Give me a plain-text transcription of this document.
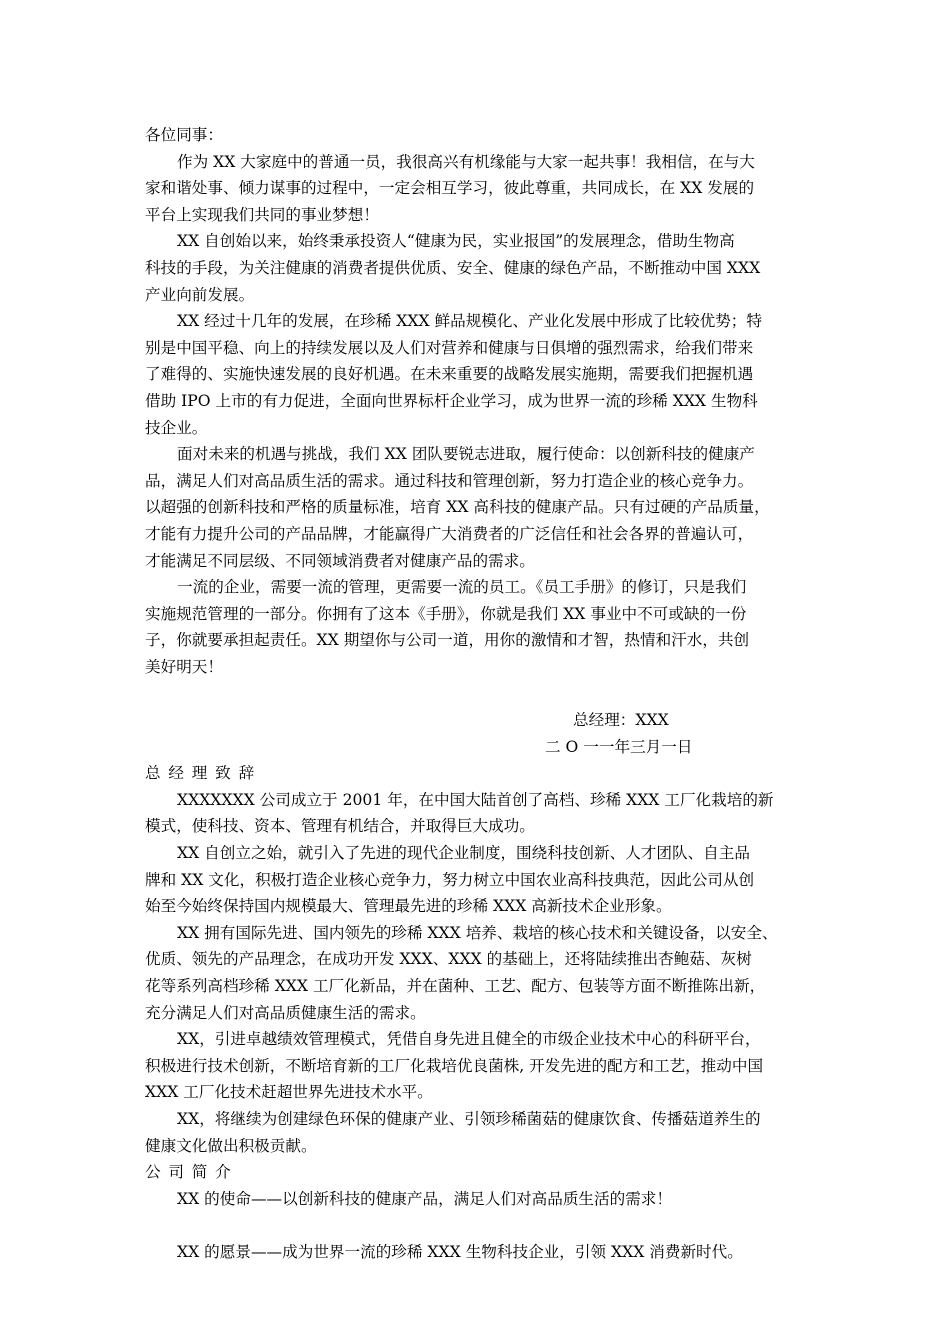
各位同事：
作为 XX 大家庭中的普通一员，我很高兴有机缘能与大家一起共事！我相信，在与大
家和谐处事、倾力谋事的过程中，一定会相互学习，彼此尊重，共同成长，在 XX 发展的
平台上实现我们共同的事业梦想！
XX 自创始以来，始终秉承投资人“健康为民，实业报国”的发展理念，借助生物高
科技的手段，为关注健康的消费者提供优质、安全、健康的绿色产品，不断推动中国 XXX
产业向前发展。
XX 经过十几年的发展，在珍稀 XXX 鲜品规模化、产业化发展中形成了比较优势；特
别是中国平稳、向上的持续发展以及人们对营养和健康与日俱增的强烈需求，给我们带来
了难得的、实施快速发展的良好机遇。在未来重要的战略发展实施期，需要我们把握机遇
借助 IPO 上市的有力促进，全面向世界标杆企业学习，成为世界一流的珍稀 XXX 生物科
技企业。
面对未来的机遇与挑战，我们 XX 团队要锐志进取，履行使命：以创新科技的健康产
品，满足人们对高品质生活的需求。通过科技和管理创新，努力打造企业的核心竞争力。
以超强的创新科技和严格的质量标准，培育 XX 高科技的健康产品。只有过硬的产品质量，
才能有力提升公司的产品品牌，才能赢得广大消费者的广泛信任和社会各界的普遍认可，
才能满足不同层级、不同领域消费者对健康产品的需求。
一流的企业，需要一流的管理，更需要一流的员工。《员工手册》的修订，只是我们
实施规范管理的一部分。你拥有了这本《手册》，你就是我们 XX 事业中不可或缺的一份
子，你就要承担起责任。XX 期望你与公司一道，用你的激情和才智，热情和汗水，共创
美好明天！
总经理：XXX
二 O 一一年三月一日
总经理致辞
XXXXXXX 公司成立于 2001 年，在中国大陆首创了高档、珍稀 XXX 工厂化栽培的新
模式，使科技、资本、管理有机结合，并取得巨大成功。
XX 自创立之始，就引入了先进的现代企业制度，围绕科技创新、人才团队、自主品
牌和 XX 文化，积极打造企业核心竞争力，努力树立中国农业高科技典范，因此公司从创
始至今始终保持国内规模最大、管理最先进的珍稀 XXX 高新技术企业形象。
XX 拥有国际先进、国内领先的珍稀 XXX 培养、栽培的核心技术和关键设备，以安全、
优质、领先的产品理念，在成功开发 XXX、XXX 的基础上，还将陆续推出杏鲍菇、灰树
花等系列高档珍稀 XXX 工厂化新品，并在菌种、工艺、配方、包装等方面不断推陈出新，
充分满足人们对高品质健康生活的需求。
XX，引进卓越绩效管理模式，凭借自身先进且健全的市级企业技术中心的科研平台，
积极进行技术创新，不断培育新的工厂化栽培优良菌株, 开发先进的配方和工艺，推动中国
XXX 工厂化技术赶超世界先进技术水平。
XX，将继续为创建绿色环保的健康产业、引领珍稀菌菇的健康饮食、传播菇道养生的
健康文化做出积极贡献。
公司简介
XX 的使命——以创新科技的健康产品，满足人们对高品质生活的需求！
XX 的愿景——成为世界一流的珍稀 XXX 生物科技企业，引领 XXX 消费新时代。
